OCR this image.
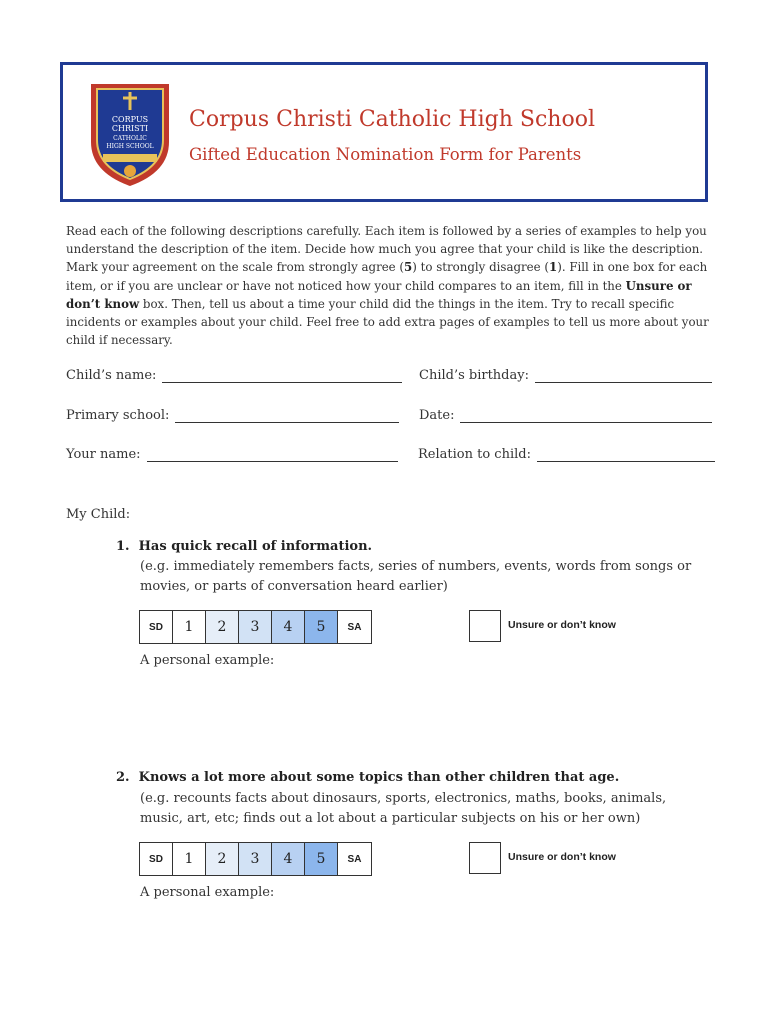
CORPUS
CHRISTI
CATHOLIC
HIGH SCHOOL
Corpus Christi Catholic High School
Gifted Education Nomination Form for Parents
Read each of the following descriptions carefully. Each item is followed by a series of examples to help you understand the description of the item. Decide how much you agree that your child is like the description. Mark your agreement on the scale from strongly agree (5) to strongly disagree (1). Fill in one box for each item, or if you are unclear or have not noticed how your child compares to an item, fill in the Unsure or don’t know box. Then, tell us about a time your child did the things in the item. Try to recall specific incidents or examples about your child. Feel free to add extra pages of examples to tell us more about your child if necessary.
Child’s name:	Child’s birthday:
Primary school:	Date:
Your name:	Relation to child:
My Child:
1. Has quick recall of information.
(e.g. immediately remembers facts, series of numbers, events, words from songs or movies, or parts of conversation heard earlier)
SD	1	2	3	4	5	SA	Unsure or don’t know
A personal example:
2. Knows a lot more about some topics than other children that age.
(e.g. recounts facts about dinosaurs, sports, electronics, maths, books, animals, music, art, etc; finds out a lot about a particular subjects on his or her own)
SD	1	2	3	4	5	SA	Unsure or don’t know
A personal example:
